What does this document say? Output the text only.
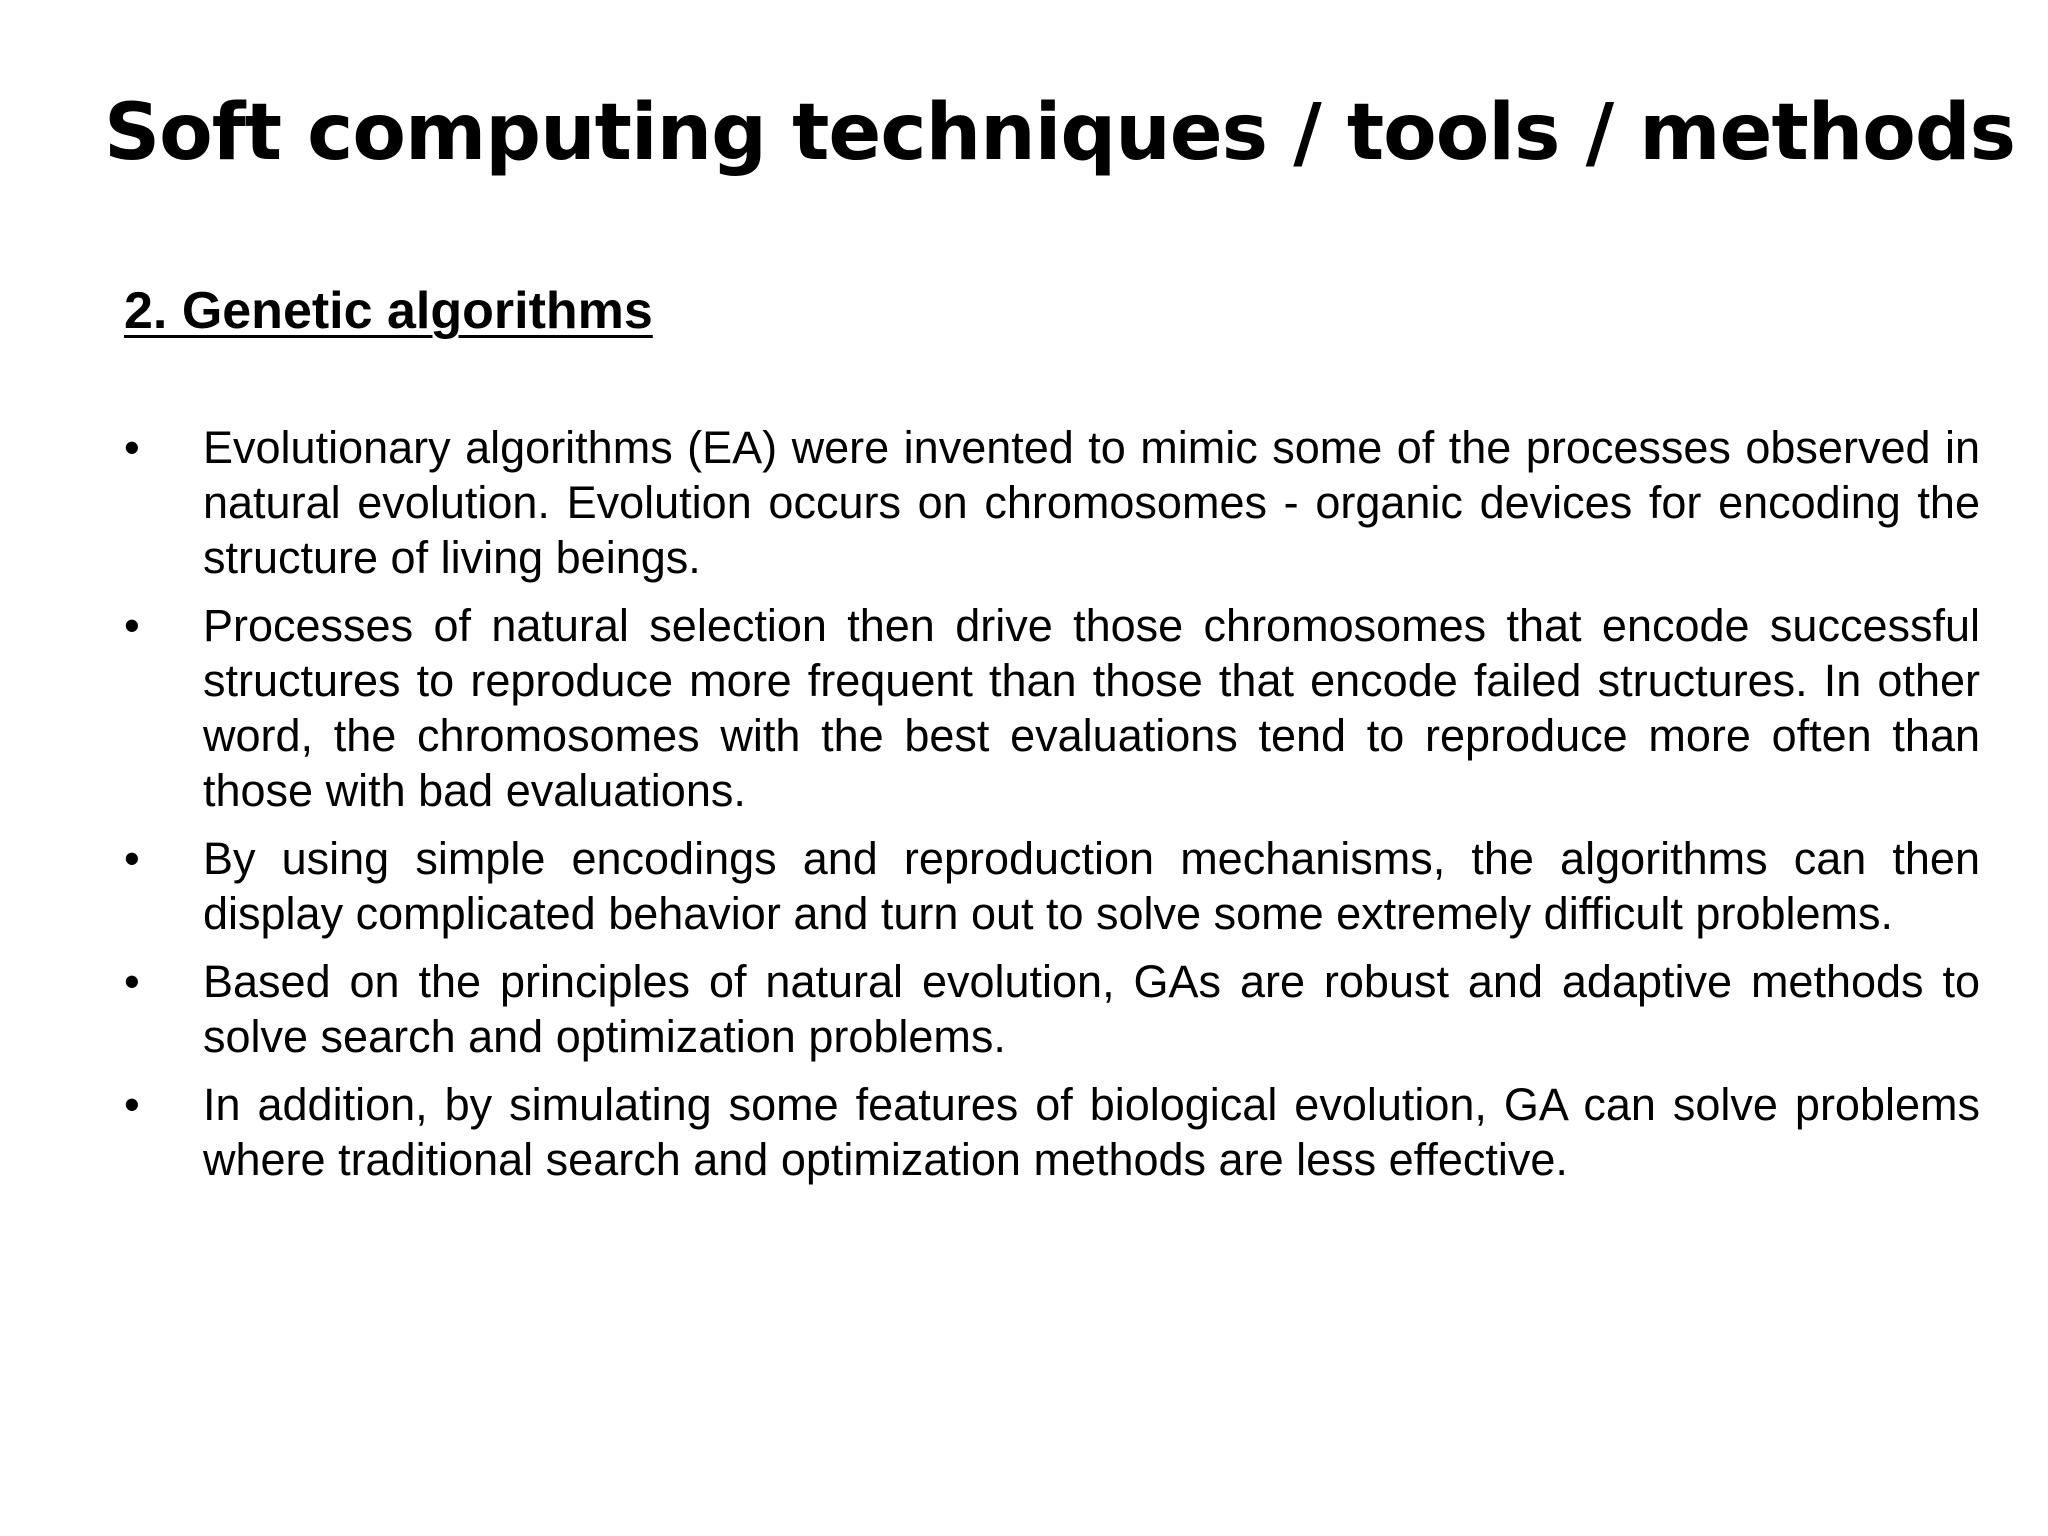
Soft computing techniques / tools / methods
2. Genetic algorithms
•	Evolutionary algorithms (EA) were invented to mimic some of the processes observed in natural evolution. Evolution occurs on chromosomes - organic devices for encoding the structure of living beings.
•	Processes of natural selection then drive those chromosomes that encode successful structures to reproduce more frequent than those that encode failed structures. In other word, the chromosomes with the best evaluations tend to reproduce more often than those with bad evaluations.
•	By using simple encodings and reproduction mechanisms, the algorithms can then display complicated behavior and turn out to solve some extremely difficult problems.
•	Based on the principles of natural evolution, GAs are robust and adaptive methods to solve search and optimization problems.
•	In addition, by simulating some features of biological evolution, GA can solve problems where traditional search and optimization methods are less effective.
